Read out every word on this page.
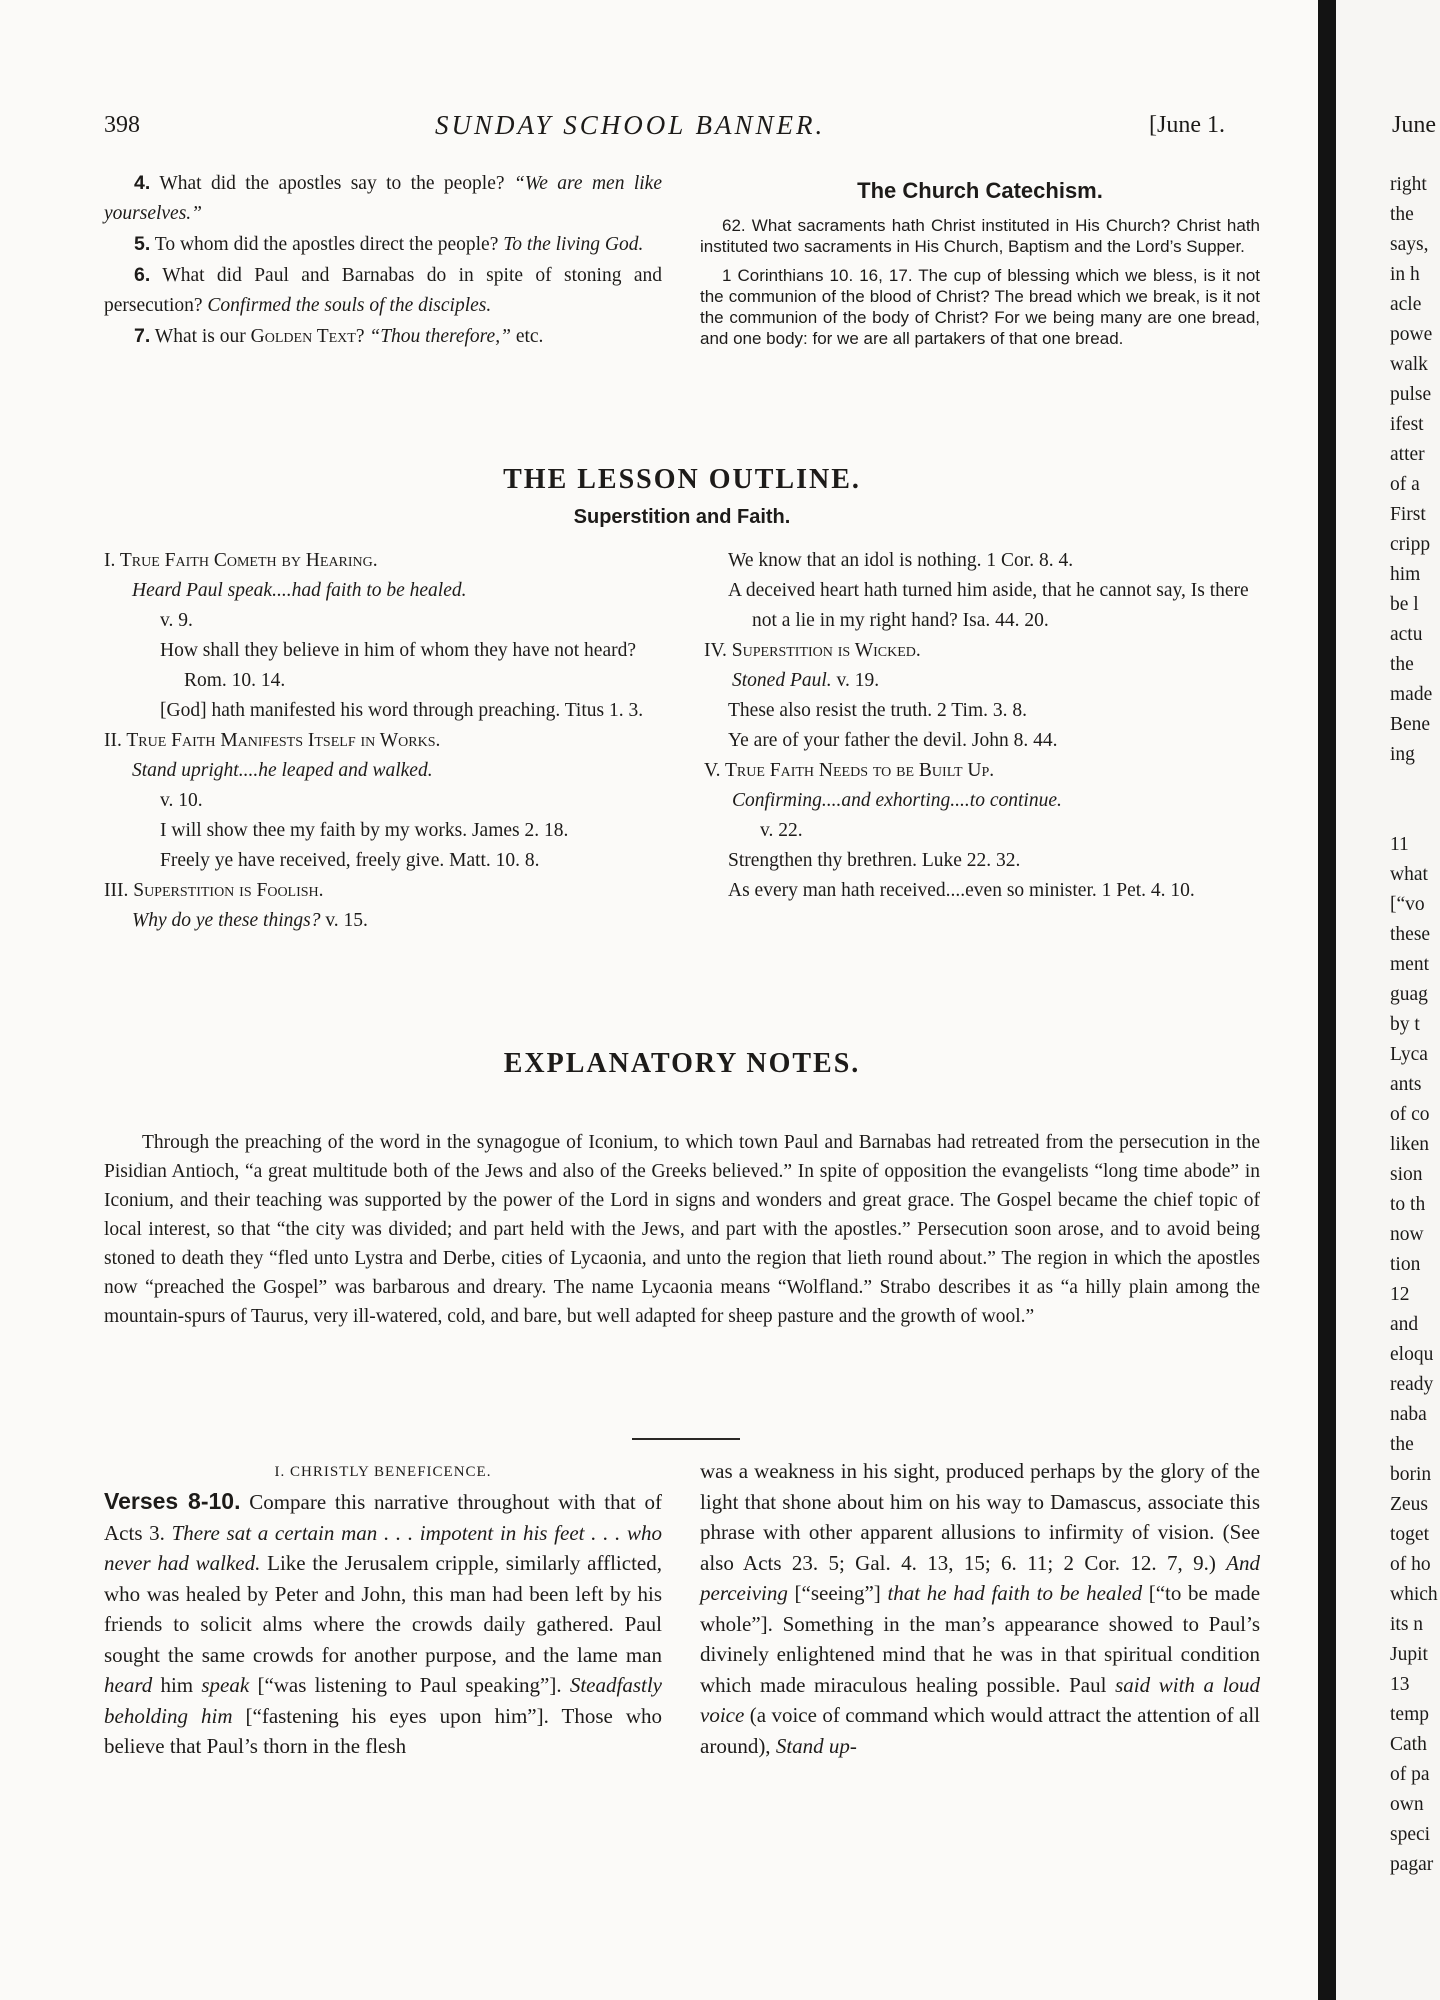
398	SUNDAY SCHOOL BANNER.	[June 1.

4. What did the apostles say to the people? “We are men like yourselves.”

5. To whom did the apostles direct the people? To the living God.

6. What did Paul and Barnabas do in spite of stoning and persecution? Confirmed the souls of the disciples.

7. What is our Golden Text? “Thou therefore,” etc.

The Church Catechism.

62. What sacraments hath Christ instituted in His Church? Christ hath instituted two sacraments in His Church, Baptism and the Lord’s Supper.

1 Corinthians 10. 16, 17. The cup of blessing which we bless, is it not the communion of the blood of Christ? The bread which we break, is it not the communion of the body of Christ? For we being many are one bread, and one body: for we are all partakers of that one bread.

THE LESSON OUTLINE.
Superstition and Faith.

I. True Faith Cometh by Hearing.

Heard Paul speak....had faith to be healed.

v. 9.

How shall they believe in him of whom they have not heard? Rom. 10. 14.

[God] hath manifested his word through preaching. Titus 1. 3.

II. True Faith Manifests Itself in Works.

Stand upright....he leaped and walked.

v. 10.

I will show thee my faith by my works. James 2. 18.

Freely ye have received, freely give. Matt. 10. 8.

III. Superstition is Foolish.

Why do ye these things? v. 15.

We know that an idol is nothing. 1 Cor. 8. 4.

A deceived heart hath turned him aside, that he cannot say, Is there not a lie in my right hand? Isa. 44. 20.

IV. Superstition is Wicked.

Stoned Paul. v. 19.

These also resist the truth. 2 Tim. 3. 8.

Ye are of your father the devil. John 8. 44.

V. True Faith Needs to be Built Up.

Confirming....and exhorting....to continue.

v. 22.

Strengthen thy brethren. Luke 22. 32.

As every man hath received....even so minister. 1 Pet. 4. 10.

EXPLANATORY NOTES.

Through the preaching of the word in the synagogue of Iconium, to which town Paul and Barnabas had retreated from the persecution in the Pisidian Antioch, “a great multitude both of the Jews and also of the Greeks believed.” In spite of opposition the evangelists “long time abode” in Iconium, and their teaching was supported by the power of the Lord in signs and wonders and great grace. The Gospel became the chief topic of local interest, so that “the city was divided; and part held with the Jews, and part with the apostles.” Persecution soon arose, and to avoid being stoned to death they “fled unto Lystra and Derbe, cities of Lycaonia, and unto the region that lieth round about.” The region in which the apostles now “preached the Gospel” was barbarous and dreary. The name Lycaonia means “Wolfland.” Strabo describes it as “a hilly plain among the mountain-spurs of Taurus, very ill-watered, cold, and bare, but well adapted for sheep pasture and the growth of wool.”

I. CHRISTLY BENEFICENCE.

Verses 8-10. Compare this narrative throughout with that of Acts 3. There sat a certain man . . . impotent in his feet . . . who never had walked. Like the Jerusalem cripple, similarly afflicted, who was healed by Peter and John, this man had been left by his friends to solicit alms where the crowds daily gathered. Paul sought the same crowds for another purpose, and the lame man heard him speak [“was listening to Paul speaking”]. Steadfastly beholding him [“fastening his eyes upon him”]. Those who believe that Paul’s thorn in the flesh

was a weakness in his sight, produced perhaps by the glory of the light that shone about him on his way to Damascus, associate this phrase with other apparent allusions to infirmity of vision. (See also Acts 23. 5; Gal. 4. 13, 15; 6. 11; 2 Cor. 12. 7, 9.) And perceiving [“seeing”] that he had faith to be healed [“to be made whole”]. Something in the man’s appearance showed to Paul’s divinely enlightened mind that he was in that spiritual condition which made miraculous healing possible. Paul said with a loud voice (a voice of command which would attract the attention of all around), Stand up-

June
right
the
says,
in h
acle
powe
walk
pulse
ifest
atter
of a
First
cripp
him
be l
actu
the
made
Bene
ing

11
what
[“vo
these
ment
guag
by t
Lyca
ants
of co
liken
sion
to th
now
tion
12
and
eloqu
ready
naba
the
borin
Zeus
toget
of ho
which
its n
Jupit
13
temp
Cath
of pa
own
speci
pagar
